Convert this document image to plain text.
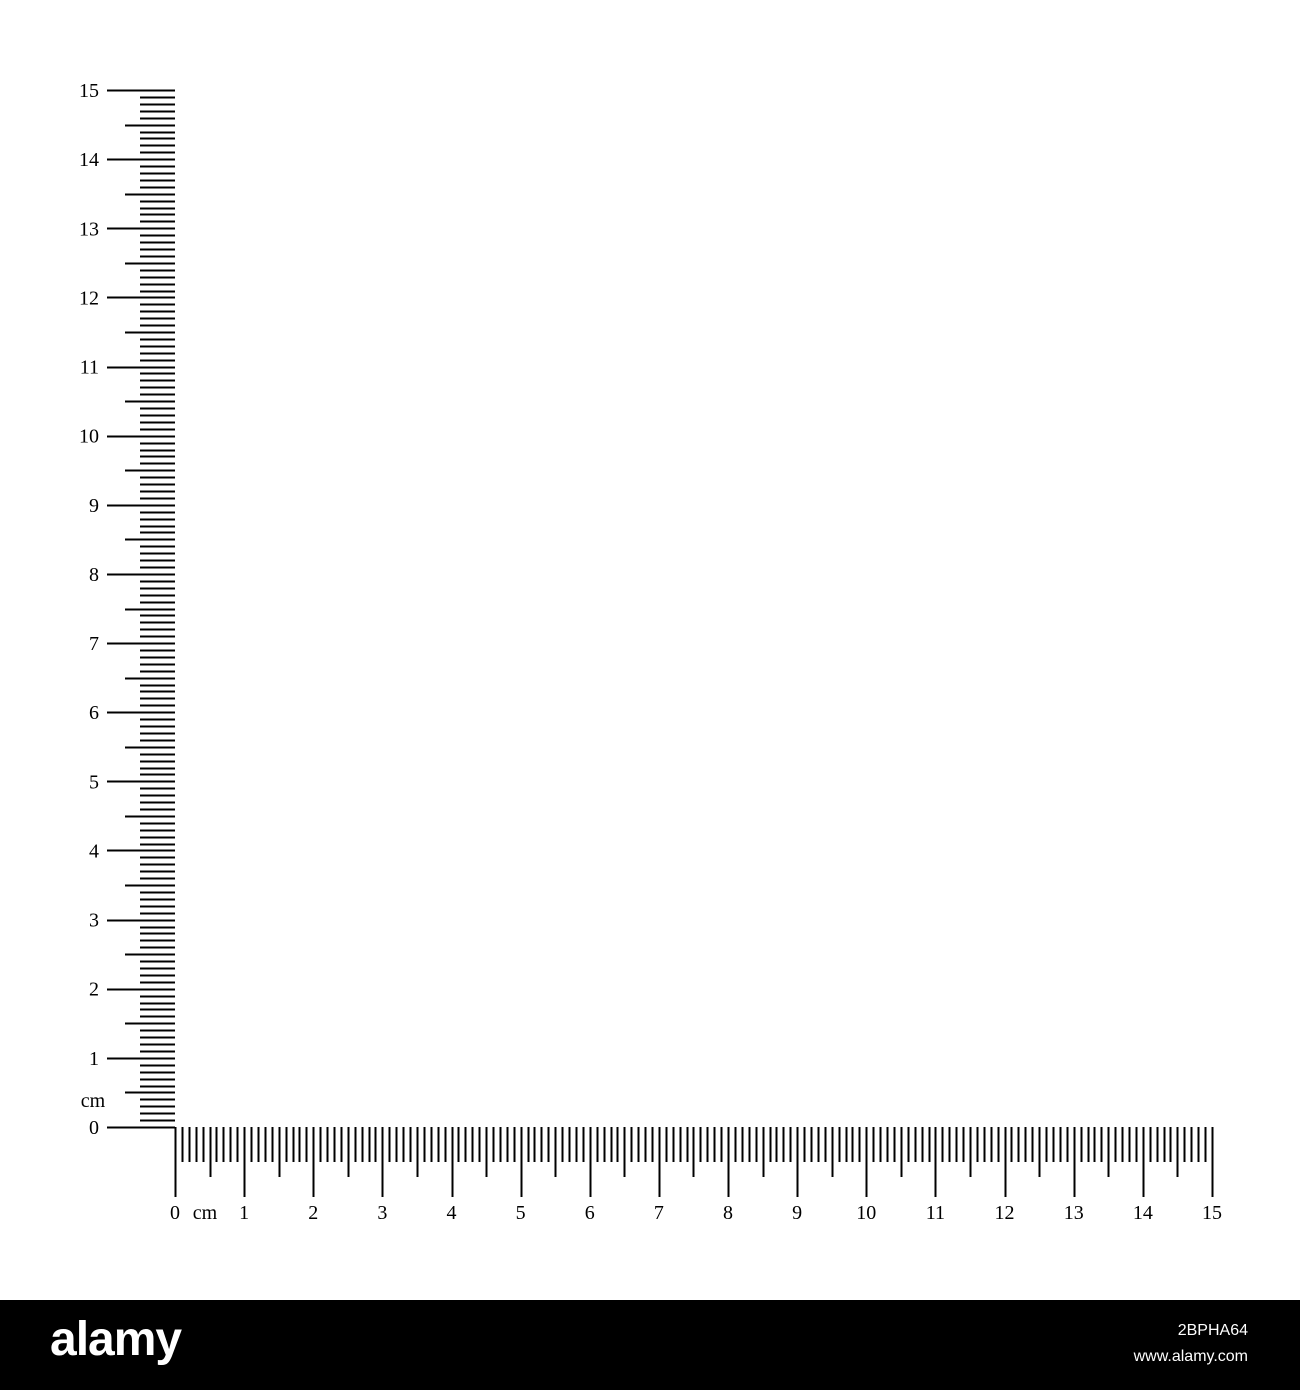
0
1
2
3
4
5
6
7
8
9
10
11
12
13
14
15
cm
0	1	2	3	4	5	6	7	8	9	10 11 12 13 14 15
cm
alamy	2BPHA64
www.alamy.com
